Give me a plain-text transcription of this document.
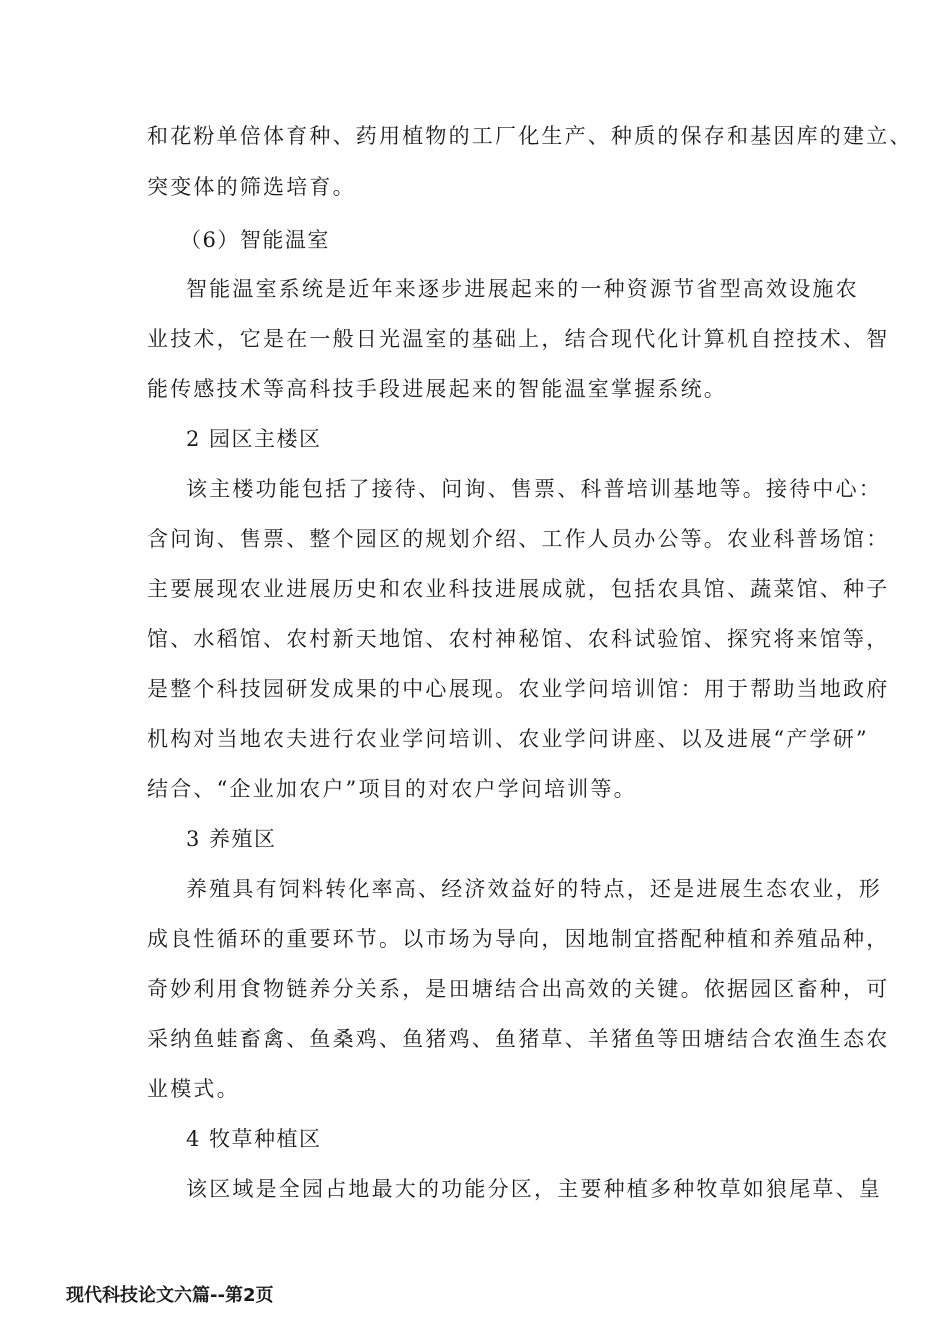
和花粉单倍体育种、药用植物的工厂化生产、种质的保存和基因库的建立、
突变体的筛选培育。
（6）智能温室
智能温室系统是近年来逐步进展起来的一种资源节省型高效设施农
业技术，它是在一般日光温室的基础上，结合现代化计算机自控技术、智
能传感技术等高科技手段进展起来的智能温室掌握系统。
2 园区主楼区
该主楼功能包括了接待、问询、售票、科普培训基地等。接待中心：
含问询、售票、整个园区的规划介绍、工作人员办公等。农业科普场馆：
主要展现农业进展历史和农业科技进展成就，包括农具馆、蔬菜馆、种子
馆、水稻馆、农村新天地馆、农村神秘馆、农科试验馆、探究将来馆等，
是整个科技园研发成果的中心展现。农业学问培训馆：用于帮助当地政府
机构对当地农夫进行农业学问培训、农业学问讲座、以及进展“产学研”
结合、“企业加农户”项目的对农户学问培训等。
3 养殖区
养殖具有饲料转化率高、经济效益好的特点，还是进展生态农业，形
成良性循环的重要环节。以市场为导向，因地制宜搭配种植和养殖品种，
奇妙利用食物链养分关系，是田塘结合出高效的关键。依据园区畜种，可
采纳鱼蛙畜禽、鱼桑鸡、鱼猪鸡、鱼猪草、羊猪鱼等田塘结合农渔生态农
业模式。
4 牧草种植区
该区域是全园占地最大的功能分区，主要种植多种牧草如狼尾草、皇
现代科技论文六篇--第2页
